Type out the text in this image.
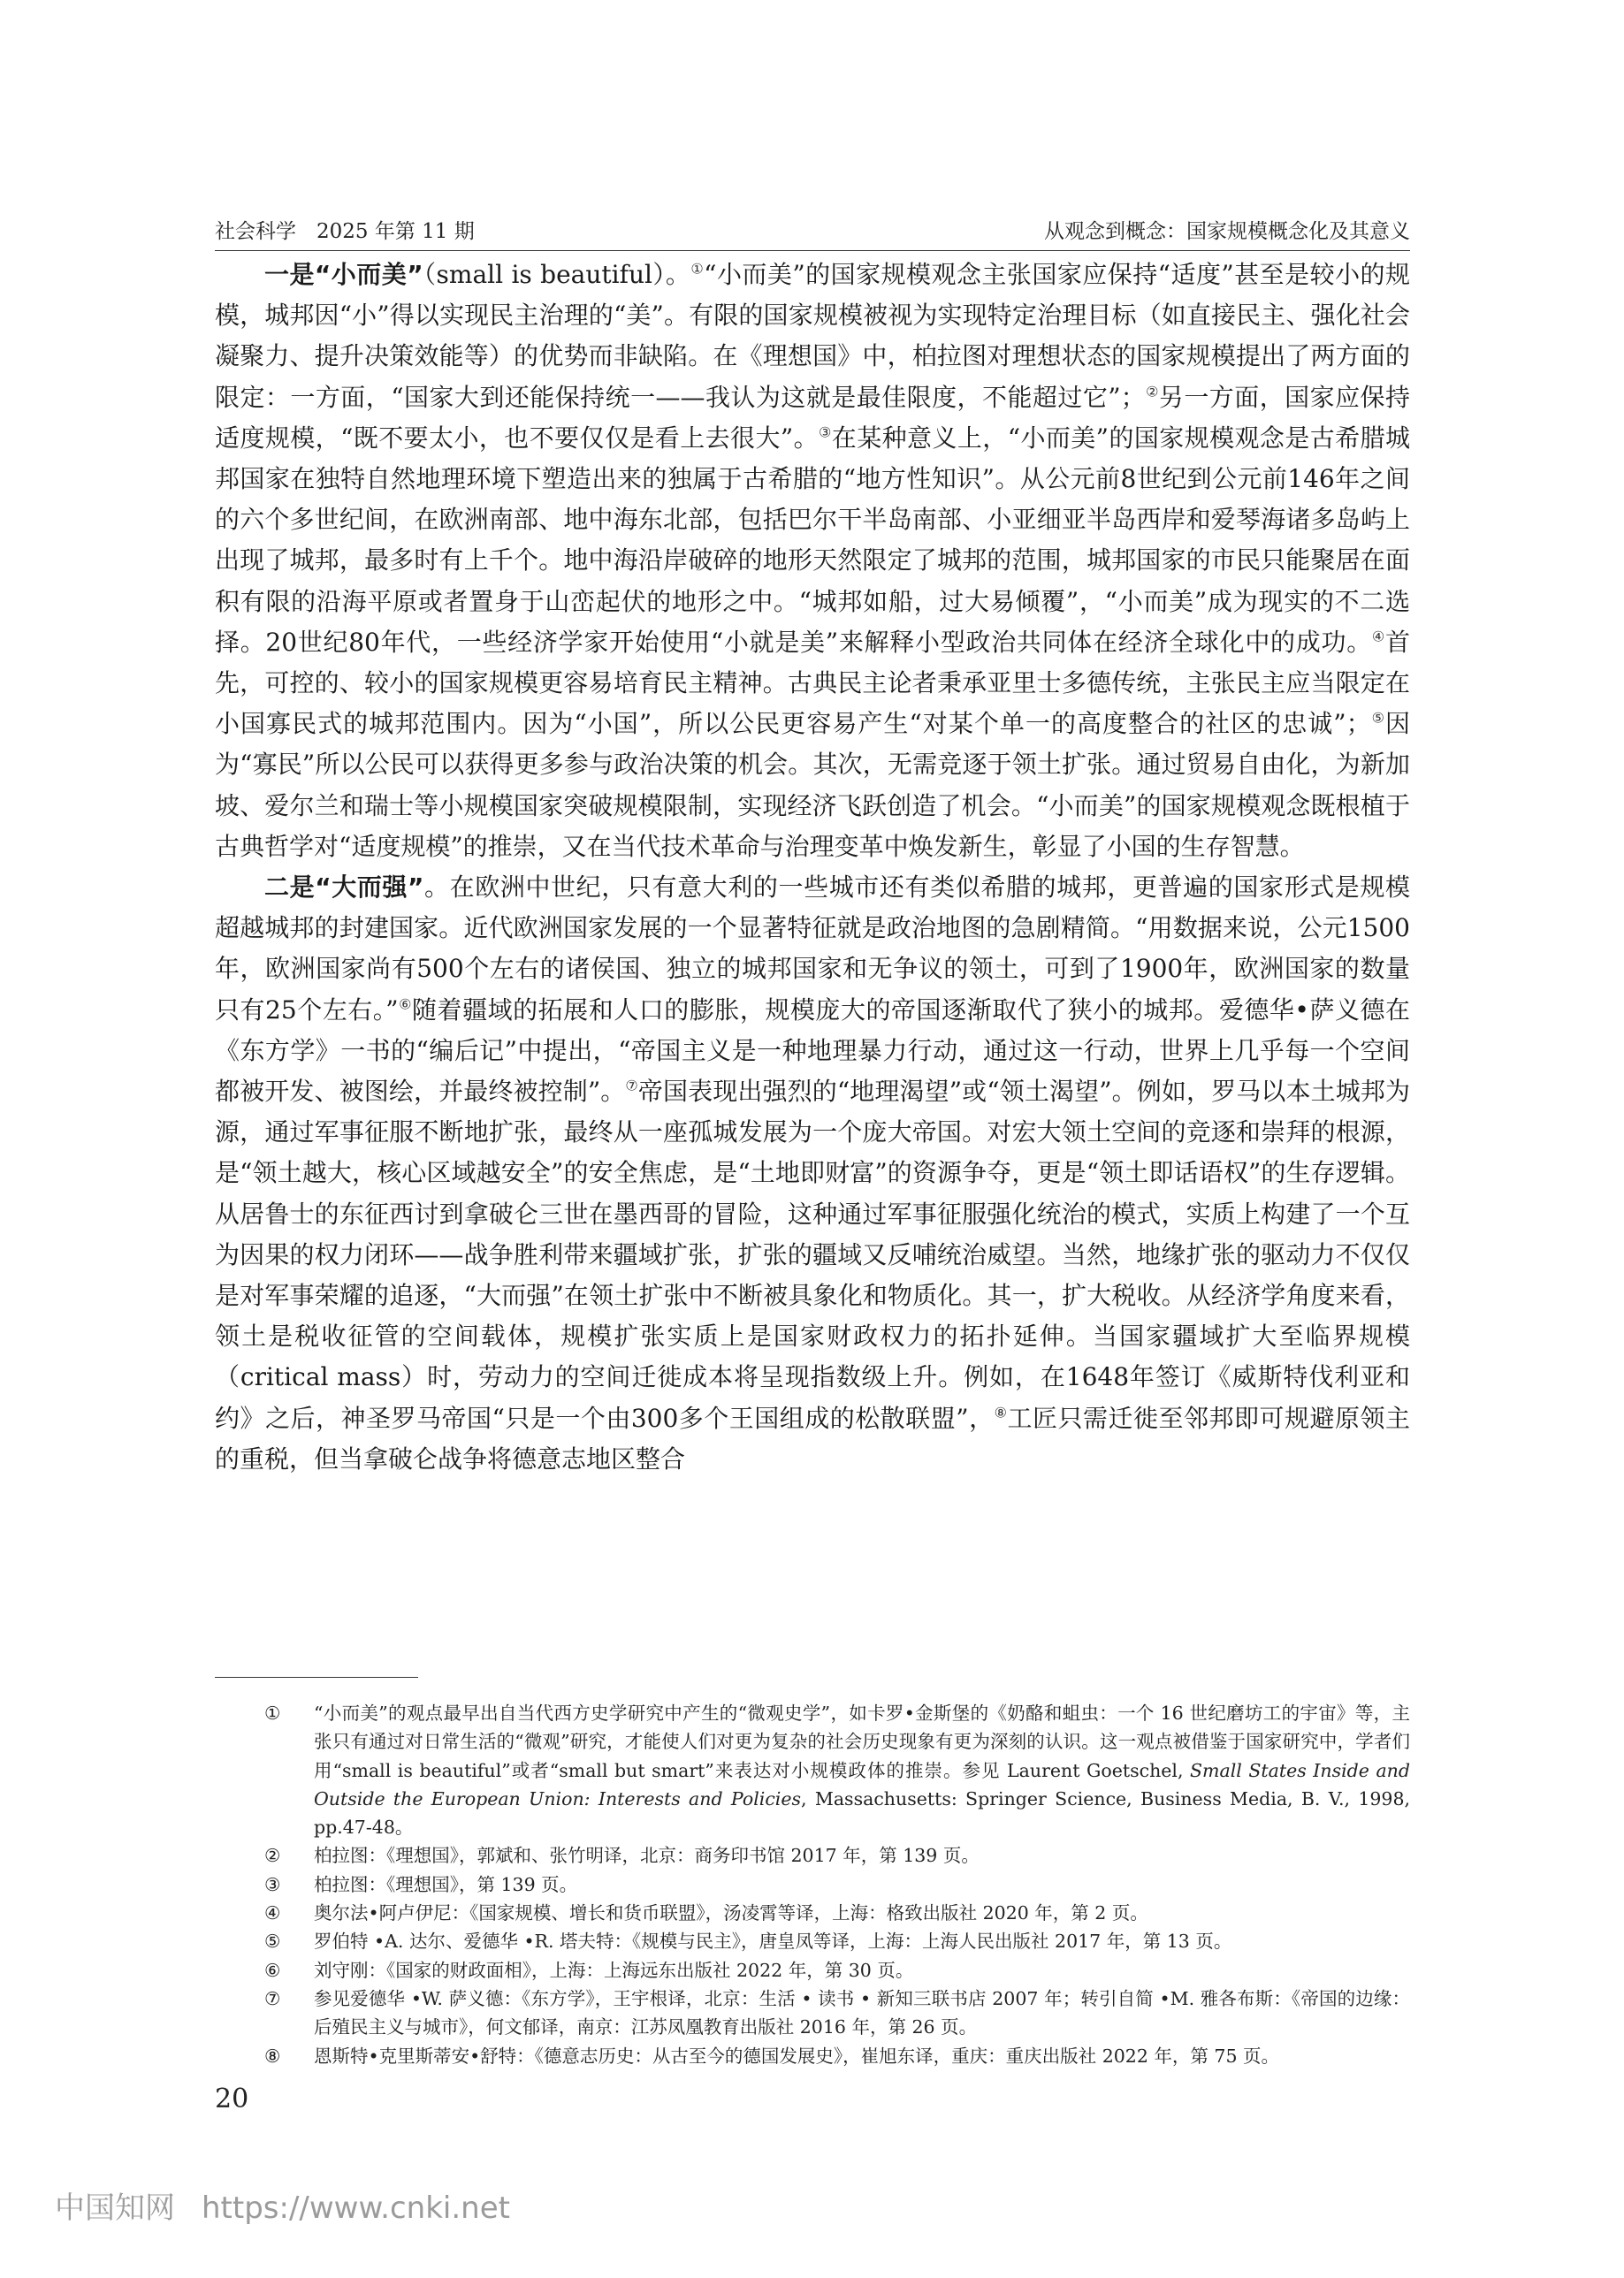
社会科学　2025 年第 11 期	从观念到概念：国家规模概念化及其意义

一是“小而美”（small is beautiful）。①“小而美”的国家规模观念主张国家应保持“适度”甚至是较小的规模，城邦因“小”得以实现民主治理的“美”。有限的国家规模被视为实现特定治理目标（如直接民主、强化社会凝聚力、提升决策效能等）的优势而非缺陷。在《理想国》中，柏拉图对理想状态的国家规模提出了两方面的限定：一方面，“国家大到还能保持统一——我认为这就是最佳限度，不能超过它”；②另一方面，国家应保持适度规模，“既不要太小，也不要仅仅是看上去很大”。③在某种意义上，“小而美”的国家规模观念是古希腊城邦国家在独特自然地理环境下塑造出来的独属于古希腊的“地方性知识”。从公元前8世纪到公元前146年之间的六个多世纪间，在欧洲南部、地中海东北部，包括巴尔干半岛南部、小亚细亚半岛西岸和爱琴海诸多岛屿上出现了城邦，最多时有上千个。地中海沿岸破碎的地形天然限定了城邦的范围，城邦国家的市民只能聚居在面积有限的沿海平原或者置身于山峦起伏的地形之中。“城邦如船，过大易倾覆”，“小而美”成为现实的不二选择。20世纪80年代，一些经济学家开始使用“小就是美”来解释小型政治共同体在经济全球化中的成功。④首先，可控的、较小的国家规模更容易培育民主精神。古典民主论者秉承亚里士多德传统，主张民主应当限定在小国寡民式的城邦范围内。因为“小国”，所以公民更容易产生“对某个单一的高度整合的社区的忠诚”；⑤因为“寡民”所以公民可以获得更多参与政治决策的机会。其次，无需竞逐于领土扩张。通过贸易自由化，为新加坡、爱尔兰和瑞士等小规模国家突破规模限制，实现经济飞跃创造了机会。“小而美”的国家规模观念既根植于古典哲学对“适度规模”的推崇，又在当代技术革命与治理变革中焕发新生，彰显了小国的生存智慧。

二是“大而强”。在欧洲中世纪，只有意大利的一些城市还有类似希腊的城邦，更普遍的国家形式是规模超越城邦的封建国家。近代欧洲国家发展的一个显著特征就是政治地图的急剧精简。“用数据来说，公元1500年，欧洲国家尚有500个左右的诸侯国、独立的城邦国家和无争议的领土，可到了1900年，欧洲国家的数量只有25个左右。”⑥随着疆域的拓展和人口的膨胀，规模庞大的帝国逐渐取代了狭小的城邦。爱德华•萨义德在《东方学》一书的“编后记”中提出，“帝国主义是一种地理暴力行动，通过这一行动，世界上几乎每一个空间都被开发、被图绘，并最终被控制”。⑦帝国表现出强烈的“地理渴望”或“领土渴望”。例如，罗马以本土城邦为源，通过军事征服不断地扩张，最终从一座孤城发展为一个庞大帝国。对宏大领土空间的竞逐和崇拜的根源，是“领土越大，核心区域越安全”的安全焦虑，是“土地即财富”的资源争夺，更是“领土即话语权”的生存逻辑。从居鲁士的东征西讨到拿破仑三世在墨西哥的冒险，这种通过军事征服强化统治的模式，实质上构建了一个互为因果的权力闭环——战争胜利带来疆域扩张，扩张的疆域又反哺统治威望。当然，地缘扩张的驱动力不仅仅是对军事荣耀的追逐，“大而强”在领土扩张中不断被具象化和物质化。其一，扩大税收。从经济学角度来看，领土是税收征管的空间载体，规模扩张实质上是国家财政权力的拓扑延伸。当国家疆域扩大至临界规模（critical mass）时，劳动力的空间迁徙成本将呈现指数级上升。例如，在1648年签订《威斯特伐利亚和约》之后，神圣罗马帝国“只是一个由300多个王国组成的松散联盟”，⑧工匠只需迁徙至邻邦即可规避原领主的重税，但当拿破仑战争将德意志地区整合

①	“小而美”的观点最早出自当代西方史学研究中产生的“微观史学”，如卡罗•金斯堡的《奶酪和蛆虫：一个 16 世纪磨坊工的宇宙》等，主张只有通过对日常生活的“微观”研究，才能使人们对更为复杂的社会历史现象有更为深刻的认识。这一观点被借鉴于国家研究中，学者们用“small is beautiful”或者“small but smart”来表达对小规模政体的推崇。参见 Laurent Goetschel, Small States Inside and Outside the European Union: Interests and Policies, Massachusetts: Springer Science, Business Media, B. V., 1998, pp.47-48。
②	柏拉图：《理想国》，郭斌和、张竹明译，北京：商务印书馆 2017 年，第 139 页。
③	柏拉图：《理想国》，第 139 页。
④	奥尔法•阿卢伊尼：《国家规模、增长和货币联盟》，汤凌霄等译，上海：格致出版社 2020 年，第 2 页。
⑤	罗伯特 •A. 达尔、爱德华 •R. 塔夫特：《规模与民主》，唐皇凤等译，上海：上海人民出版社 2017 年，第 13 页。
⑥	刘守刚：《国家的财政面相》，上海：上海远东出版社 2022 年，第 30 页。
⑦	参见爱德华 •W. 萨义德：《东方学》，王宇根译，北京：生活 • 读书 • 新知三联书店 2007 年；转引自简 •M. 雅各布斯：《帝国的边缘：后殖民主义与城市》，何文郁译，南京：江苏凤凰教育出版社 2016 年，第 26 页。
⑧	恩斯特•克里斯蒂安•舒特：《德意志历史：从古至今的德国发展史》，崔旭东译，重庆：重庆出版社 2022 年，第 75 页。
20
中国知网 https://www.cnki.net
